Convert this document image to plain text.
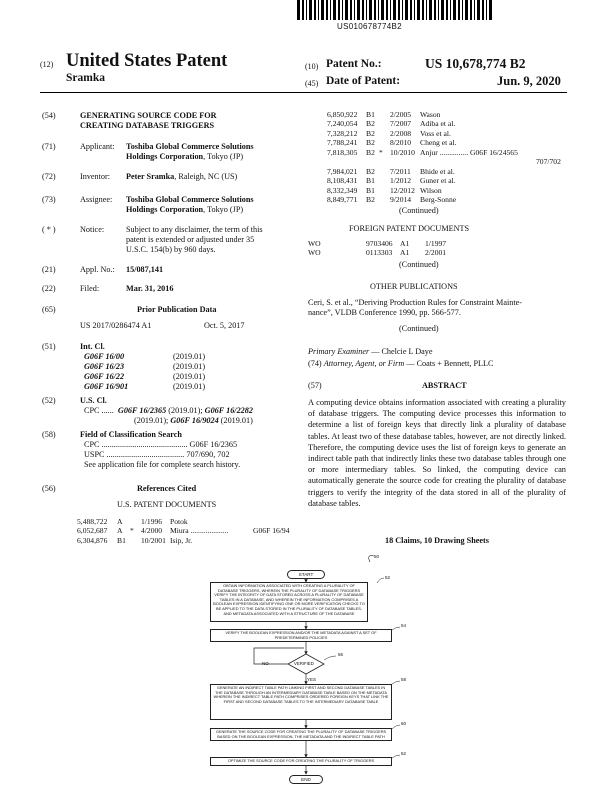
US010678774B2
(12) United States Patent
Sramka
(10) Patent No.:	US 10,678,774 B2
(45) Date of Patent:	Jun. 9, 2020
(54)	GENERATING SOURCE CODE FOR
CREATING DATABASE TRIGGERS
(71)	Applicant: Toshiba Global Commerce Solutions
Holdings Corporation, Tokyo (JP)
(72)	Inventor: Peter Sramka, Raleigh, NC (US)
(73)	Assignee: Toshiba Global Commerce Solutions
Holdings Corporation, Tokyo (JP)
( * )	Notice:	Subject to any disclaimer, the term of this
patent is extended or adjusted under 35
U.S.C. 154(b) by 960 days.
(21)	Appl. No.: 15/087,141
(22)	Filed:	Mar. 31, 2016
(65)	Prior Publication Data
US 2017/0286474 A1	Oct. 5, 2017
(51)	Int. Cl.
G06F 16/00	(2019.01)
G06F 16/23	(2019.01)
G06F 16/22	(2019.01)
G06F 16/901	(2019.01)
(52)	U.S. Cl.
CPC ...... G06F 16/2365 (2019.01); G06F 16/2282
(2019.01); G06F 16/9024 (2019.01)
(58)	Field of Classification Search
CPC .......................................... G06F 16/2365
USPC ...................................... 707/690, 702
See application file for complete search history.
(56)	References Cited
U.S. PATENT DOCUMENTS
5,488,722 A 1/1996 Potok
6,052,687 A * 4/2000 Miura ....................	G06F 16/94
6,304,876 B1 10/2001 Isip, Jr.
6,850,922 B1 2/2005 Wason
7,240,054 B2 7/2007 Adiba et al.
7,328,212 B2 2/2008 Voss et al.
7,788,241 B2 8/2010 Cheng et al.
7,818,305 B2 * 10/2010 Anjur ............... G06F 16/24565
707/702
7,984,021 B2 7/2011 Bhide et al.
8,108,431 B1 1/2012 Guner et al.
8,332,349 B1 12/2012 Wilson
8,849,771 B2 9/2014 Berg-Sonne
(Continued)
FOREIGN PATENT DOCUMENTS
WO	9703406 A1 1/1997
WO	0113303 A1 2/2001
(Continued)
OTHER PUBLICATIONS
Ceri, S. et al., “Deriving Production Rules for Constraint Mainte-
nance”, VLDB Conference 1990, pp. 566-577.
(Continued)
Primary Examiner — Chelcie L Daye
(74) Attorney, Agent, or Firm — Coats + Bennett, PLLC
(57)	ABSTRACT
A computing device obtains information associated with creating a plurality of database triggers. The computing device processes this information to determine a list of foreign keys that directly link a plurality of database tables. At least two of these database tables, however, are not directly linked. Therefore, the computing device uses the list of foreign keys to generate an indirect table path that indirectly links these two database tables through one or more intermediary tables. So linked, the computing device can automatically generate the source code for creating the plurality of database triggers to verify the integrity of the data stored in all of the plurality of database tables.
18 Claims, 10 Drawing Sheets
50
START
OBTAIN INFORMATION ASSOCIATED WITH CREATING A PLURALITY OF DATABASE TRIGGERS, WHEREIN THE PLURALITY OF DATABASE TRIGGERS VERIFY THE INTEGRITY OF DATA STORED ACROSS A PLURALITY OF DATABASE TABLES IN A DATABASE, AND WHEREIN THE INFORMATION COMPRISES A BOOLEAN EXPRESSION IDENTIFYING ONE OR MORE VERIFICATION CHECKS TO BE APPLIED TO THE DATA STORED IN THE PLURALITY OF DATABASE TABLES, AND METADATA ASSOCIATED WITH A STRUCTURE OF THE DATABASE
52
VERIFY THE BOOLEAN EXPRESSION AND/OR THE METADATA AGAINST A SET OF PREDETERMINED POLICIES
54
VERIFIED
56
NO
YES
GENERATE AN INDIRECT TABLE PATH LINKING FIRST AND SECOND DATABASE TABLES IN THE DATABASE THROUGH AN INTERMEDIARY DATABASE TABLE BASED ON THE METADATA WHEREIN THE INDIRECT TABLE PATH COMPRISES ORDERED FOREIGN KEYS THAT LINK THE FIRST AND SECOND DATABASE TABLES TO THE INTERMEDIARY DATABASE TABLE
58
GENERATE THE SOURCE CODE FOR CREATING THE PLURALITY OF DATABASE TRIGGERS BASED ON THE BOOLEAN EXPRESSION, THE METADATA AND THE INDIRECT TABLE PATH
60
OPTIMIZE THE SOURCE CODE FOR CREATING THE PLURALITY OF TRIGGERS
62
END
